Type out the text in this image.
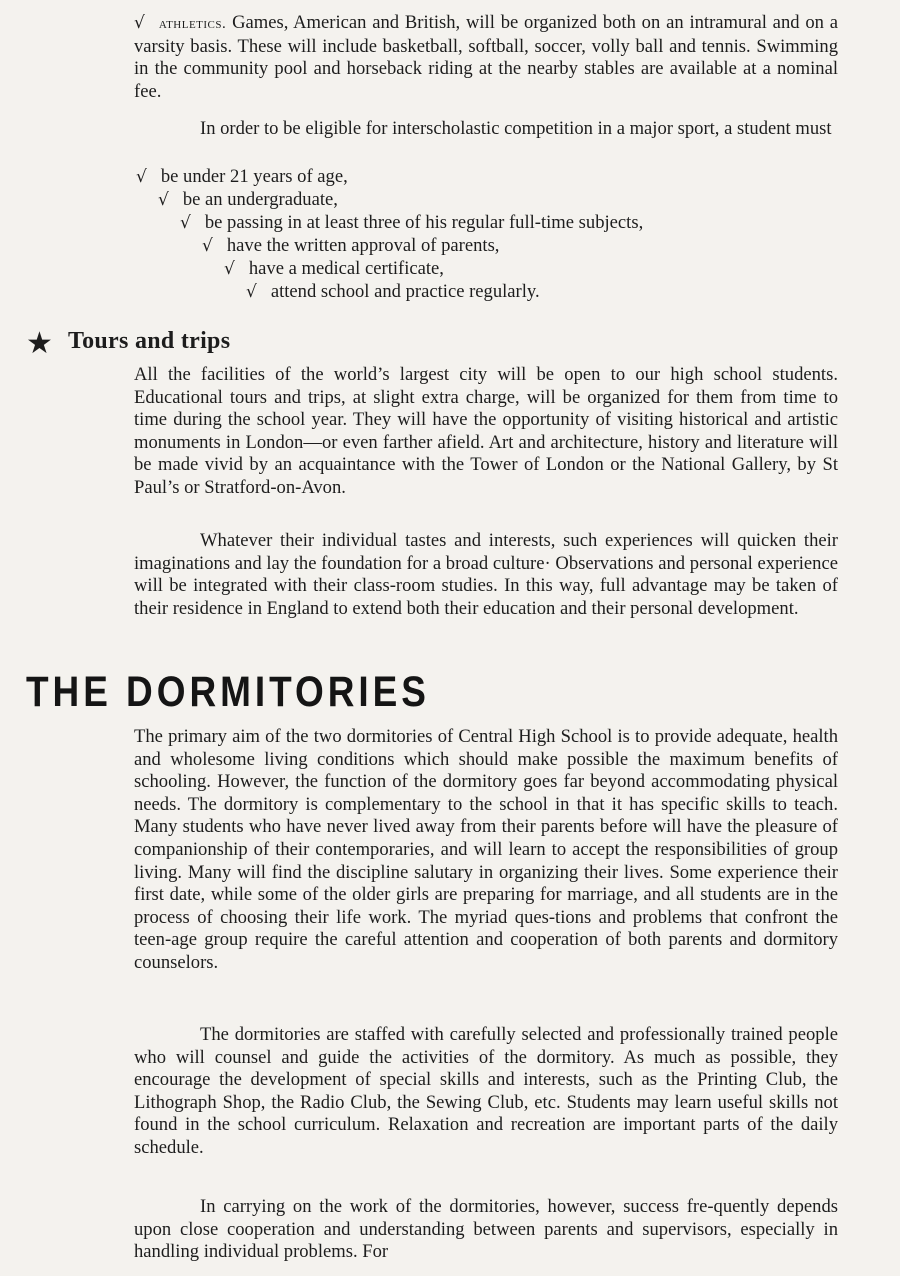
√ athletics. Games, American and British, will be organized both on an intramural and on a varsity basis. These will include basketball, softball, soccer, volly ball and tennis. Swimming in the community pool and horseback riding at the nearby stables are available at a nominal fee.

In order to be eligible for interscholastic competition in a major sport, a student must

√ be under 21 years of age,
√ be an undergraduate,
√ be passing in at least three of his regular full-time subjects,
√ have the written approval of parents,
√ have a medical certificate,
√ attend school and practice regularly.
★ Tours and trips

All the facilities of the world’s largest city will be open to our high school students. Educational tours and trips, at slight extra charge, will be organized for them from time to time during the school year. They will have the opportunity of visiting historical and artistic monuments in London—or even farther afield. Art and architecture, history and literature will be made vivid by an acquaintance with the Tower of London or the National Gallery, by St Paul’s or Stratford-on-Avon.

Whatever their individual tastes and interests, such experiences will quicken their imaginations and lay the foundation for a broad culture· Observations and personal experience will be integrated with their class-room studies. In this way, full advantage may be taken of their residence in England to extend both their education and their personal development.

THE DORMITORIES

The primary aim of the two dormitories of Central High School is to provide adequate, health and wholesome living conditions which should make possible the maximum benefits of schooling. However, the function of the dormitory goes far beyond accommodating physical needs. The dormitory is complementary to the school in that it has specific skills to teach. Many students who have never lived away from their parents before will have the pleasure of companionship of their contemporaries, and will learn to accept the responsibilities of group living. Many will find the discipline salutary in organizing their lives. Some experience their first date, while some of the older girls are preparing for marriage, and all students are in the process of choosing their life work. The myriad ques-tions and problems that confront the teen-age group require the careful attention and cooperation of both parents and dormitory counselors.

The dormitories are staffed with carefully selected and professionally trained people who will counsel and guide the activities of the dormitory. As much as possible, they encourage the development of special skills and interests, such as the Printing Club, the Lithograph Shop, the Radio Club, the Sewing Club, etc. Students may learn useful skills not found in the school curriculum. Relaxation and recreation are important parts of the daily schedule.

In carrying on the work of the dormitories, however, success fre-quently depends upon close cooperation and understanding between parents and supervisors, especially in handling individual problems. For
